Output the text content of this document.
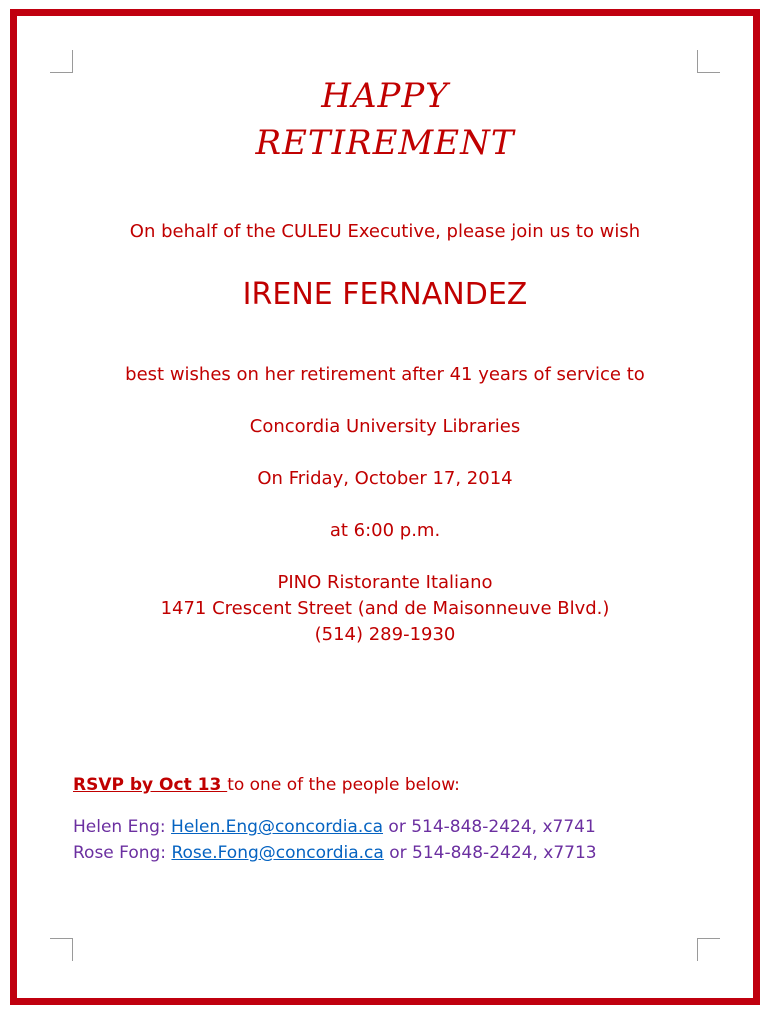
HAPPY
RETIREMENT
On behalf of the CULEU Executive, please join us to wish
IRENE FERNANDEZ
best wishes on her retirement after 41 years of service to
Concordia University Libraries
On Friday, October 17, 2014
at 6:00 p.m.
PINO Ristorante Italiano
1471 Crescent Street (and de Maisonneuve Blvd.)
(514) 289-1930
RSVP by Oct 13 to one of the people below:
Helen Eng: Helen.Eng@concordia.ca or 514-848-2424, x7741
Rose Fong: Rose.Fong@concordia.ca or 514-848-2424, x7713
